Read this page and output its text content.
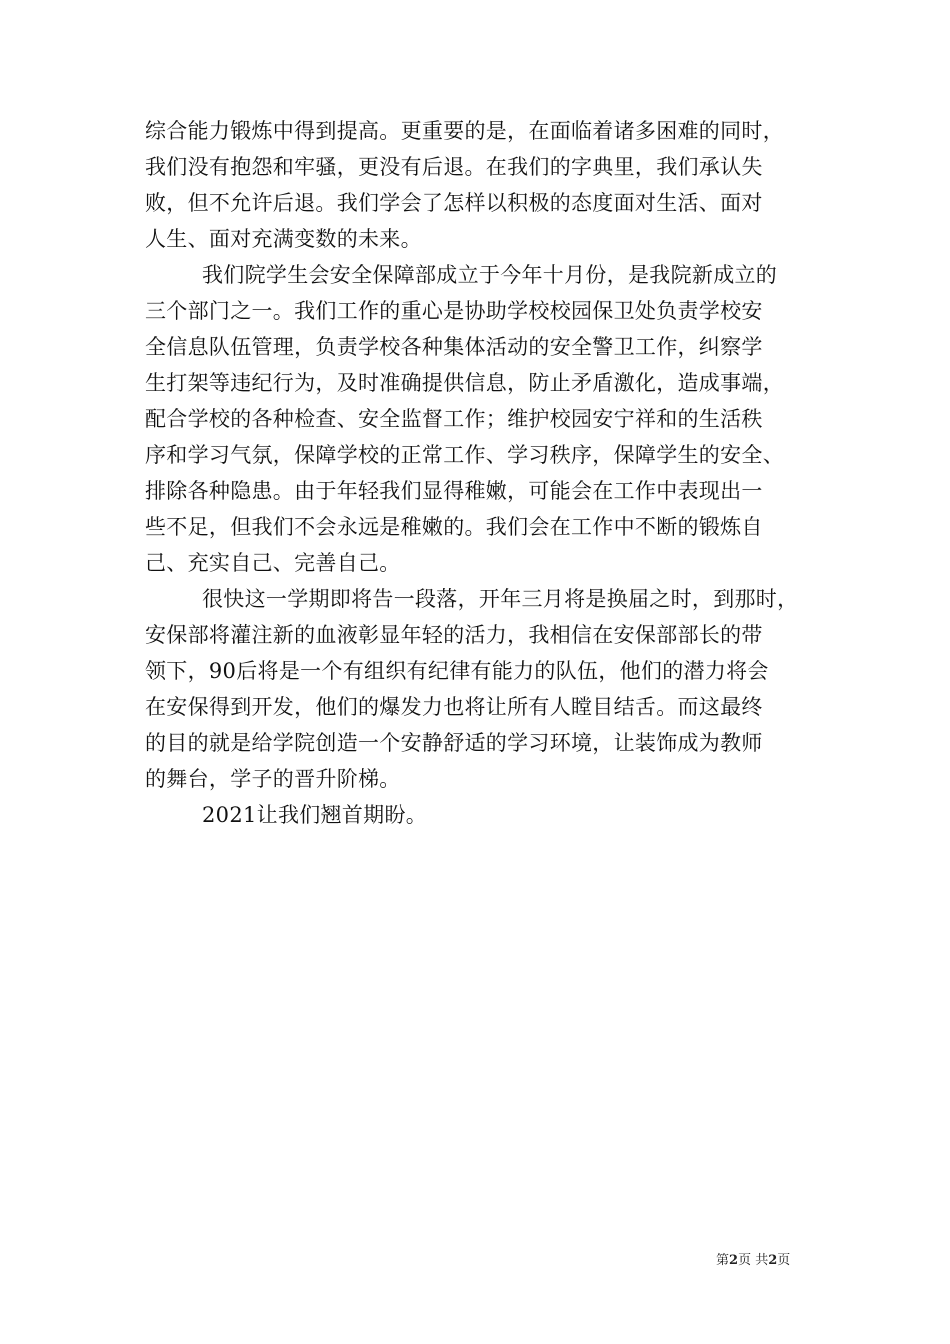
综合能力锻炼中得到提高。更重要的是，在面临着诸多困难的同时，
我们没有抱怨和牢骚，更没有后退。在我们的字典里，我们承认失
败，但不允许后退。我们学会了怎样以积极的态度面对生活、面对
人生、面对充满变数的未来。
我们院学生会安全保障部成立于今年十月份，是我院新成立的
三个部门之一。我们工作的重心是协助学校校园保卫处负责学校安
全信息队伍管理，负责学校各种集体活动的安全警卫工作，纠察学
生打架等违纪行为，及时准确提供信息，防止矛盾激化，造成事端，
配合学校的各种检查、安全监督工作；维护校园安宁祥和的生活秩
序和学习气氛，保障学校的正常工作、学习秩序，保障学生的安全、
排除各种隐患。由于年轻我们显得稚嫩，可能会在工作中表现出一
些不足，但我们不会永远是稚嫩的。我们会在工作中不断的锻炼自
己、充实自己、完善自己。
很快这一学期即将告一段落，开年三月将是换届之时，到那时，
安保部将灌注新的血液彰显年轻的活力，我相信在安保部部长的带
领下，90后将是一个有组织有纪律有能力的队伍，他们的潜力将会
在安保得到开发，他们的爆发力也将让所有人瞠目结舌。而这最终
的目的就是给学院创造一个安静舒适的学习环境，让装饰成为教师
的舞台，学子的晋升阶梯。
2021让我们翘首期盼。
第2页 共2页
